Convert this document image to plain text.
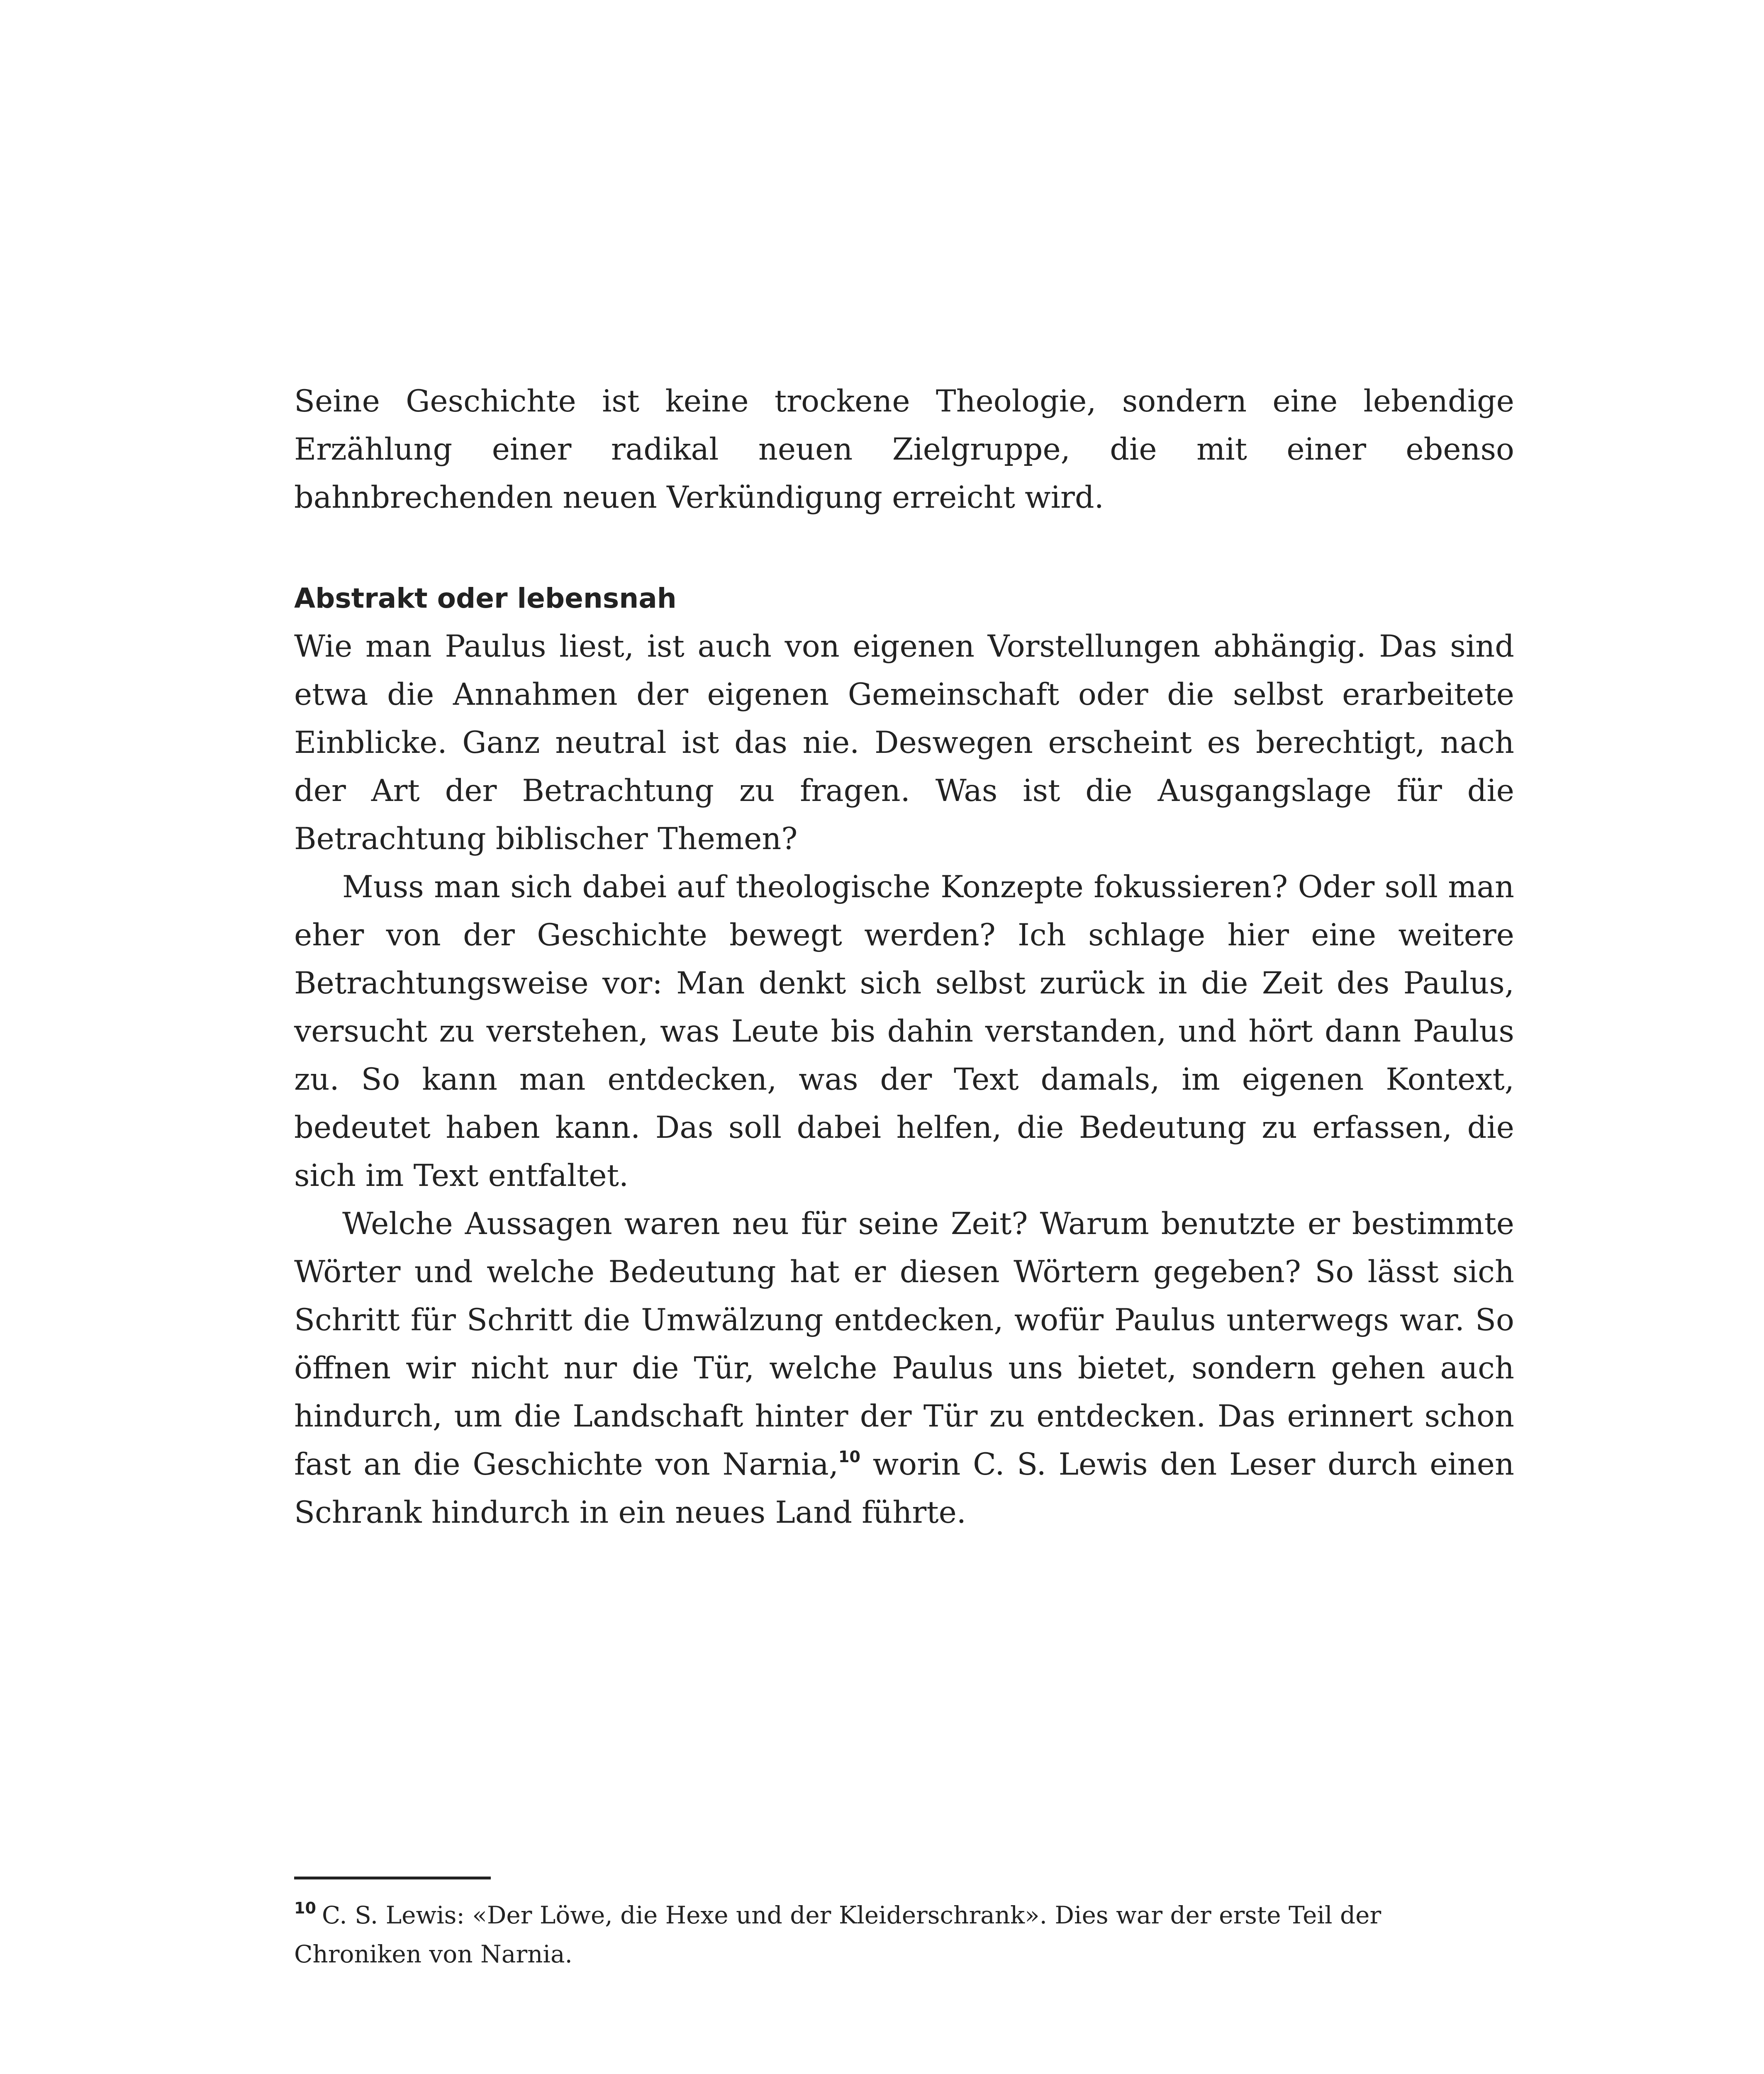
Seine Geschichte ist keine trockene Theologie, sondern eine lebendige Erzählung einer radikal neuen Zielgruppe, die mit einer ebenso bahnbrechenden neuen Verkündigung erreicht wird.

Abstrakt oder lebensnah

Wie man Paulus liest, ist auch von eigenen Vorstellungen abhängig. Das sind etwa die Annahmen der eigenen Gemeinschaft oder die selbst erarbeitete Einblicke. Ganz neutral ist das nie. Deswegen erscheint es berechtigt, nach der Art der Betrachtung zu fragen. Was ist die Ausgangslage für die Betrachtung biblischer Themen?

Muss man sich dabei auf theologische Konzepte fokussieren? Oder soll man eher von der Geschichte bewegt werden? Ich schlage hier eine weitere Betrachtungsweise vor: Man denkt sich selbst zurück in die Zeit des Paulus, versucht zu verstehen, was Leute bis dahin verstanden, und hört dann Paulus zu. So kann man entdecken, was der Text damals, im eigenen Kontext, bedeutet haben kann. Das soll dabei helfen, die Bedeutung zu erfassen, die sich im Text entfaltet.

Welche Aussagen waren neu für seine Zeit? Warum benutzte er bestimmte Wörter und welche Bedeutung hat er diesen Wörtern gegeben? So lässt sich Schritt für Schritt die Umwälzung entdecken, wofür Paulus unterwegs war. So öffnen wir nicht nur die Tür, welche Paulus uns bietet, sondern gehen auch hindurch, um die Landschaft hinter der Tür zu entdecken. Das erinnert schon fast an die Geschichte von Narnia,$^{10}$ worin C. S. Lewis den Leser durch einen Schrank hindurch in ein neues Land führte.

$^{10}$ C. S. Lewis: «Der Löwe, die Hexe und der Kleiderschrank». Dies war der erste Teil der Chroniken von Narnia.
